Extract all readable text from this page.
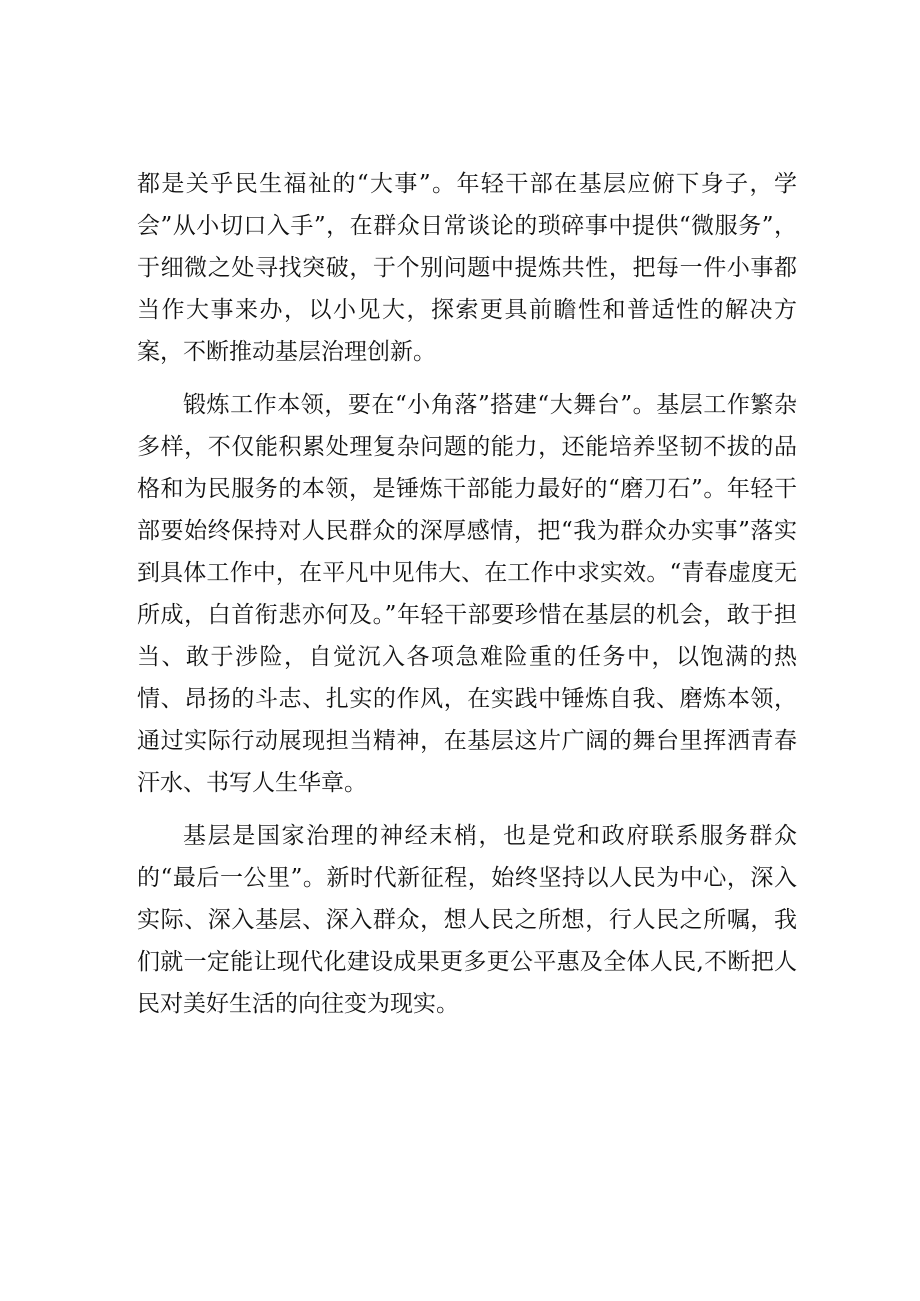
都是关乎民生福祉的“大事”。年轻干部在基层应俯下身子，学会”从小切口入手”，在群众日常谈论的琐碎事中提供“微服务”，于细微之处寻找突破，于个别问题中提炼共性，把每一件小事都当作大事来办，以小见大，探索更具前瞻性和普适性的解决方案，不断推动基层治理创新。

锻炼工作本领，要在“小角落”搭建“大舞台”。基层工作繁杂多样，不仅能积累处理复杂问题的能力，还能培养坚韧不拔的品格和为民服务的本领，是锤炼干部能力最好的“磨刀石”。年轻干部要始终保持对人民群众的深厚感情，把“我为群众办实事”落实到具体工作中，在平凡中见伟大、在工作中求实效。“青春虚度无所成，白首衔悲亦何及。”年轻干部要珍惜在基层的机会，敢于担当、敢于涉险，自觉沉入各项急难险重的任务中，以饱满的热情、昂扬的斗志、扎实的作风，在实践中锤炼自我、磨炼本领，通过实际行动展现担当精神，在基层这片广阔的舞台里挥洒青春汗水、书写人生华章。

基层是国家治理的神经末梢，也是党和政府联系服务群众的“最后一公里”。新时代新征程，始终坚持以人民为中心，深入实际、深入基层、深入群众，想人民之所想，行人民之所嘱，我们就一定能让现代化建设成果更多更公平惠及全体人民,不断把人民对美好生活的向往变为现实。
